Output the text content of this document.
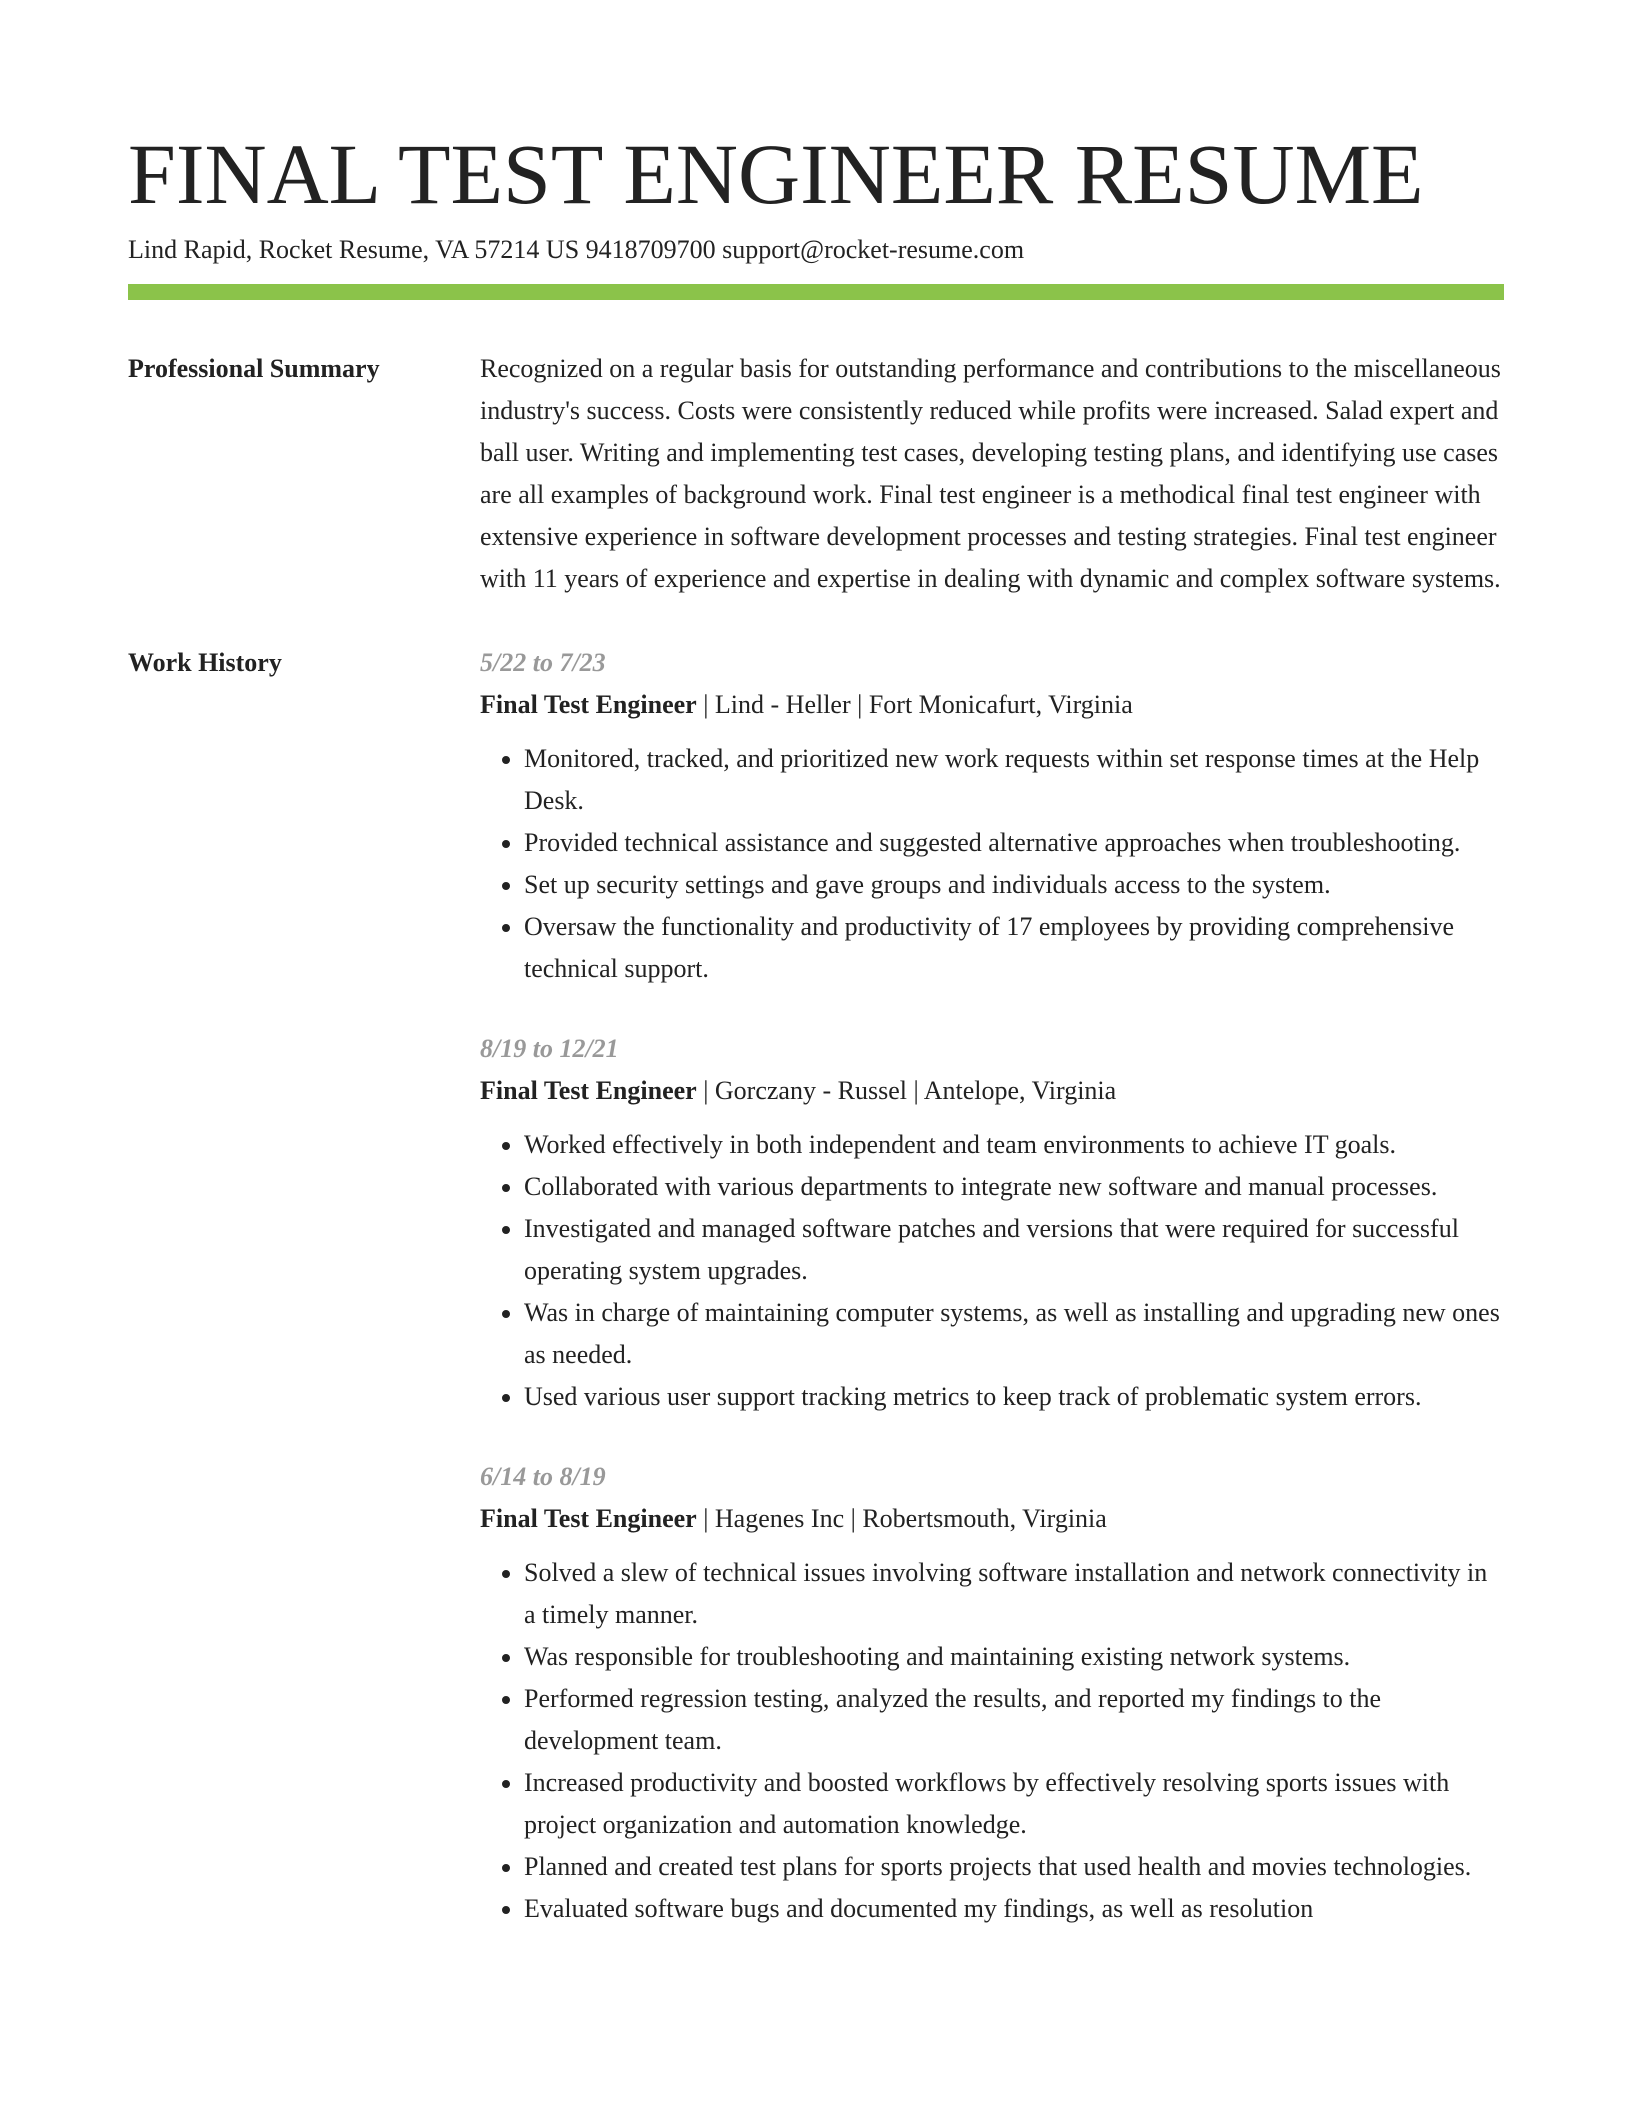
FINAL TEST ENGINEER RESUME
Lind Rapid, Rocket Resume, VA 57214 US 9418709700 support@rocket-resume.com
Professional Summary	Recognized on a regular basis for outstanding performance and contributions to the miscellaneous industry's success. Costs were consistently reduced while profits were increased. Salad expert and ball user. Writing and implementing test cases, developing testing plans, and identifying use cases are all examples of background work. Final test engineer is a methodical final test engineer with extensive experience in software development processes and testing strategies. Final test engineer with 11 years of experience and expertise in dealing with dynamic and complex software systems.

Work History	5/22 to 7/23
Final Test Engineer | Lind - Heller | Fort Monicafurt, Virginia
• Monitored, tracked, and prioritized new work requests within set response times at the Help Desk.
• Provided technical assistance and suggested alternative approaches when troubleshooting.
• Set up security settings and gave groups and individuals access to the system.
• Oversaw the functionality and productivity of 17 employees by providing comprehensive technical support.
8/19 to 12/21
Final Test Engineer | Gorczany - Russel | Antelope, Virginia
• Worked effectively in both independent and team environments to achieve IT goals.
• Collaborated with various departments to integrate new software and manual processes.
• Investigated and managed software patches and versions that were required for successful operating system upgrades.
• Was in charge of maintaining computer systems, as well as installing and upgrading new ones as needed.
• Used various user support tracking metrics to keep track of problematic system errors.
6/14 to 8/19
Final Test Engineer | Hagenes Inc | Robertsmouth, Virginia
• Solved a slew of technical issues involving software installation and network connectivity in a timely manner.
• Was responsible for troubleshooting and maintaining existing network systems.
• Performed regression testing, analyzed the results, and reported my findings to the development team.
• Increased productivity and boosted workflows by effectively resolving sports issues with project organization and automation knowledge.
• Planned and created test plans for sports projects that used health and movies technologies.
• Evaluated software bugs and documented my findings, as well as resolution
